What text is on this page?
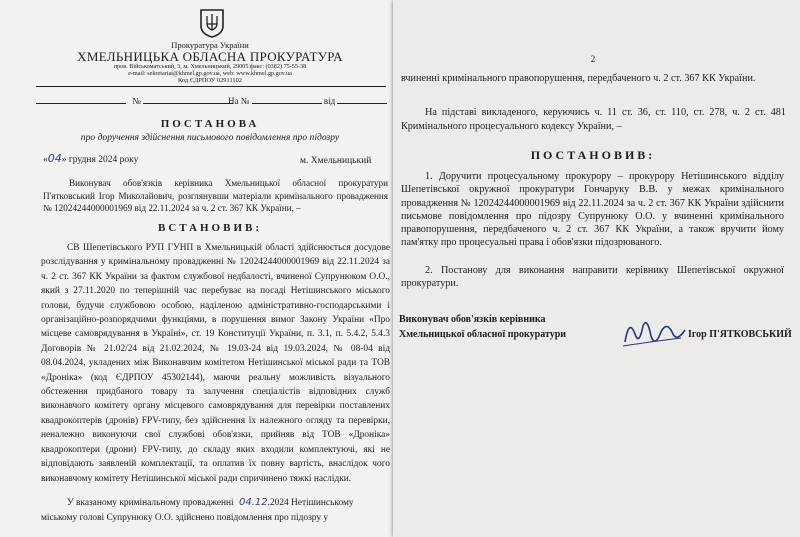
Прокуратура України
ХМЕЛЬНИЦЬКА ОБЛАСНА ПРОКУРАТУРА
пров. Військоматський, 3, м. Хмельницький, 29005 факс: (0382) 75-55-38
e-mail: sekretariat@khmel.gp.gov.ua, web: www.khmel.gp.gov.ua
Код ЄДРПОУ 02911102
№	На №	від
ПОСТАНОВА
про доручення здійснення письмового повідомлення про підозру
«04» грудня 2024 року	м. Хмельницький

Виконувач обов'язків керівника Хмельницької обласної прокуратури П'ятковський Ігор Миколайович, розглянувши матеріали кримінального провадження № 12024244000001969 від 22.11.2024 за ч. 2 ст. 367 КК України, –

ВСТАНОВИВ:

СВ Шепетівського РУП ГУНП в Хмельницькій області здійснюється досудове розслідування у кримінальному провадженні № 12024244000001969 від 22.11.2024 за ч. 2 ст. 367 КК України за фактом службової недбалості, вчиненої Супрунюком О.О., який з 27.11.2020 по теперішній час перебуває на посаді Нетішинського міського голови, будучи службовою особою, наділеною адміністративно-господарськими і організаційно-розпорядчими функціями, в порушення вимог Закону України «Про місцеве самоврядування в Україні», ст. 19 Конституції України, п. 3.1, п. 5.4.2, 5.4.3 Договорів № 21.02/24 від 21.02.2024, № 19.03-24 від 19.03.2024, № 08-04 від 08.04.2024, укладених між Виконавчим комітетом Нетішинської міської ради та ТОВ «Дроніка» (код ЄДРПОУ 45302144), маючи реальну можливість візуального обстеження придбаного товару та залучення спеціалістів відповідних служб виконавчого комітету органу місцевого самоврядування для перевірки поставлених квадрокоптерів (дронів) FPV-типу, без здійснення їх належного огляду та перевірки, неналежно виконуючи свої службові обов'язки, прийняв від ТОВ «Дроніка» квадрокоптери (дрони) FPV-типу, до складу яких входили комплектуючі, які не відповідають заявленій комплектації, та оплатив їх повну вартість, внаслідок чого виконавчому комітету Нетішинської міської ради спричинено тяжкі наслідки.

У вказаному кримінальному провадженні 04.12.2024 Нетішинському
міському голові Супрунюку О.О. здійснено повідомлення про підозру у
2

вчиненні кримінального правопорушення, передбаченого ч. 2 ст. 367 КК України.

На підставі викладеного, керуючись ч. 11 ст. 36, ст. 110, ст. 278, ч. 2 ст. 481 Кримінального процесуального кодексу України, –

ПОСТАНОВИВ:

1. Доручити процесуальному прокурору – прокурору Нетішинського відділу Шепетівської окружної прокуратури Гончаруку В.В. у межах кримінального провадження № 12024244000001969 від 22.11.2024 за ч. 2 ст. 367 КК України здійснити письмове повідомлення про підозру Супрунюку О.О. у вчиненні кримінального правопорушення, передбаченого ч. 2 ст. 367 КК України, а також вручити йому пам'ятку про процесуальні права і обов'язки підозрюваного.

2. Постанову для виконання направити керівнику Шепетівської окружної прокуратури.

Виконувач обов'язків керівника
Хмельницької обласної прокуратури	Ігор П'ЯТКОВСЬКИЙ
